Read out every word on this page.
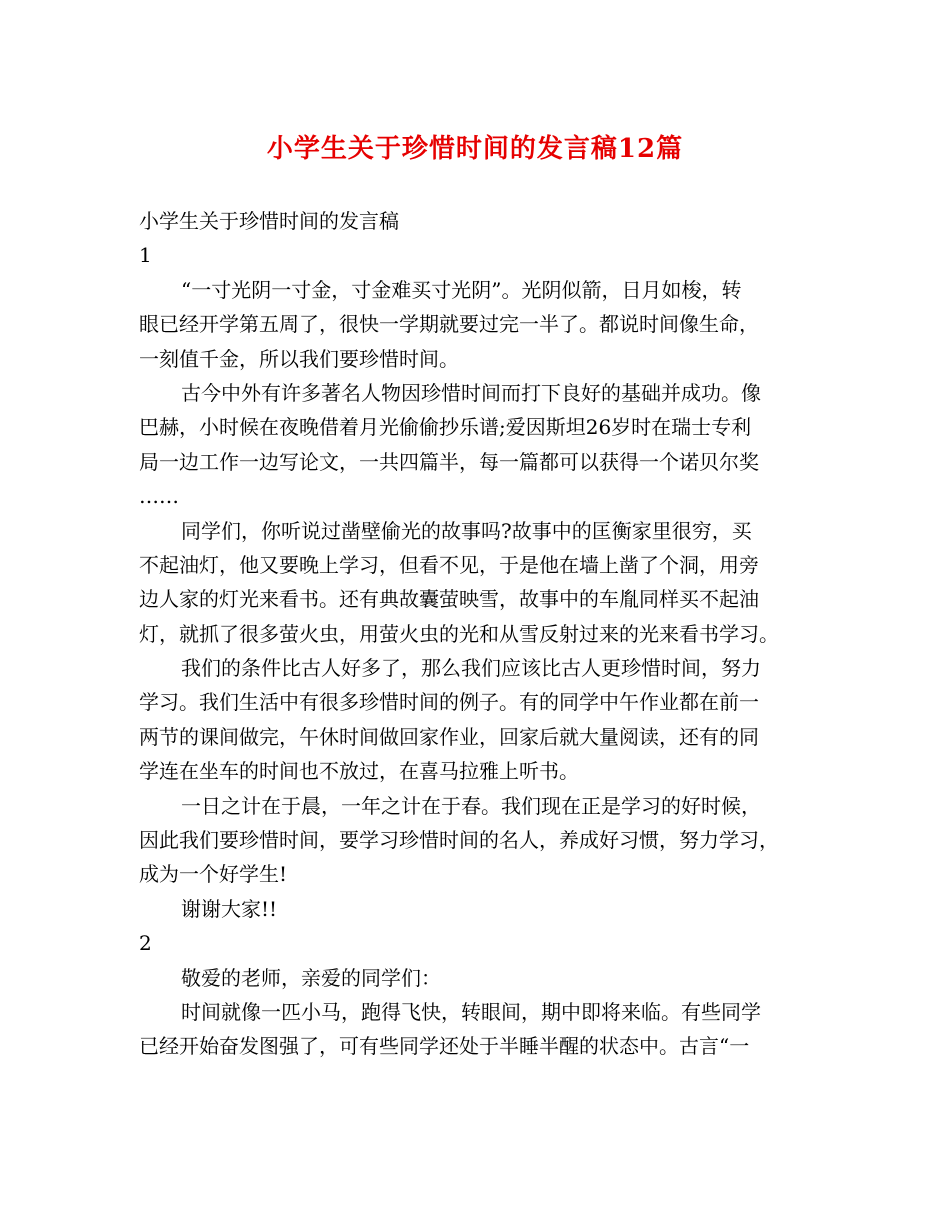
小学生关于珍惜时间的发言稿12篇
小学生关于珍惜时间的发言稿
1
“一寸光阴一寸金，寸金难买寸光阴”。光阴似箭，日月如梭，转
眼已经开学第五周了，很快一学期就要过完一半了。都说时间像生命，
一刻值千金，所以我们要珍惜时间。
古今中外有许多著名人物因珍惜时间而打下良好的基础并成功。像
巴赫，小时候在夜晚借着月光偷偷抄乐谱;爱因斯坦26岁时在瑞士专利
局一边工作一边写论文，一共四篇半，每一篇都可以获得一个诺贝尔奖
……
同学们，你听说过凿壁偷光的故事吗?故事中的匡衡家里很穷，买
不起油灯，他又要晚上学习，但看不见，于是他在墙上凿了个洞，用旁
边人家的灯光来看书。还有典故囊萤映雪，故事中的车胤同样买不起油
灯，就抓了很多萤火虫，用萤火虫的光和从雪反射过来的光来看书学习。
我们的条件比古人好多了，那么我们应该比古人更珍惜时间，努力
学习。我们生活中有很多珍惜时间的例子。有的同学中午作业都在前一
两节的课间做完，午休时间做回家作业，回家后就大量阅读，还有的同
学连在坐车的时间也不放过，在喜马拉雅上听书。
一日之计在于晨，一年之计在于春。我们现在正是学习的好时候，
因此我们要珍惜时间，要学习珍惜时间的名人，养成好习惯，努力学习，
成为一个好学生!
谢谢大家!!
2
敬爱的老师，亲爱的同学们：
时间就像一匹小马，跑得飞快，转眼间，期中即将来临。有些同学
已经开始奋发图强了，可有些同学还处于半睡半醒的状态中。古言“一
